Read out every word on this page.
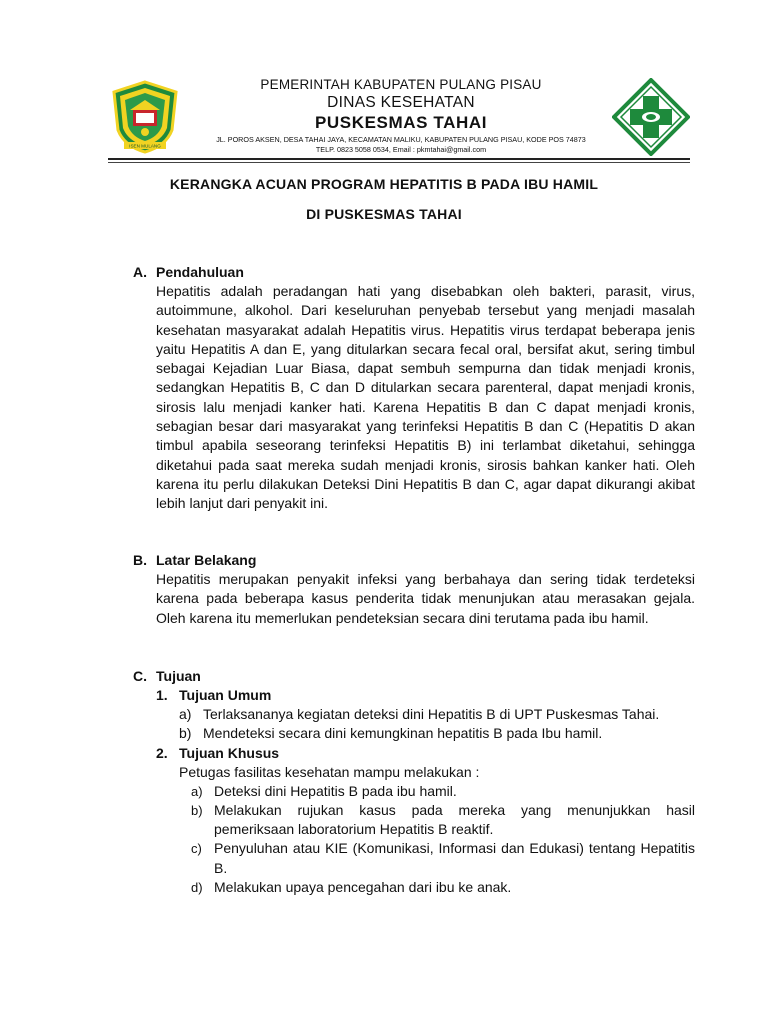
ISEN MULANG
PEMERINTAH KABUPATEN PULANG PISAU
DINAS KESEHATAN
PUSKESMAS TAHAI
JL. POROS AKSEN, DESA TAHAI JAYA, KECAMATAN MALIKU, KABUPATEN PULANG PISAU, KODE POS 74873
TELP. 0823 5058 0534, Email : pkmtahai@gmail.com
KERANGKA ACUAN PROGRAM HEPATITIS B PADA IBU HAMIL
DI PUSKESMAS TAHAI
A. Pendahuluan
Hepatitis adalah peradangan hati yang disebabkan oleh bakteri, parasit, virus, autoimmune, alkohol. Dari keseluruhan penyebab tersebut yang menjadi masalah kesehatan masyarakat adalah Hepatitis virus. Hepatitis virus terdapat beberapa jenis yaitu Hepatitis A dan E, yang ditularkan secara fecal oral, bersifat akut, sering timbul sebagai Kejadian Luar Biasa, dapat sembuh sempurna dan tidak menjadi kronis, sedangkan Hepatitis B, C dan D ditularkan secara parenteral, dapat menjadi kronis, sirosis lalu menjadi kanker hati. Karena Hepatitis B dan C dapat menjadi kronis, sebagian besar dari masyarakat yang terinfeksi Hepatitis B dan C (Hepatitis D akan timbul apabila seseorang terinfeksi Hepatitis B) ini terlambat diketahui, sehingga diketahui pada saat mereka sudah menjadi kronis, sirosis bahkan kanker hati. Oleh karena itu perlu dilakukan Deteksi Dini Hepatitis B dan C, agar dapat dikurangi akibat lebih lanjut dari penyakit ini.
B. Latar Belakang
Hepatitis merupakan penyakit infeksi yang berbahaya dan sering tidak terdeteksi karena pada beberapa kasus penderita tidak menunjukan atau merasakan gejala. Oleh karena itu memerlukan pendeteksian secara dini terutama pada ibu hamil.
C. Tujuan
1. Tujuan Umum
a) Terlaksananya kegiatan deteksi dini Hepatitis B di UPT Puskesmas Tahai.
b) Mendeteksi secara dini kemungkinan hepatitis B pada Ibu hamil.
2. Tujuan Khusus
Petugas fasilitas kesehatan mampu melakukan :
a) Deteksi dini Hepatitis B pada ibu hamil.
b) Melakukan rujukan kasus pada mereka yang menunjukkan hasil pemeriksaan laboratorium Hepatitis B reaktif.
c) Penyuluhan atau KIE (Komunikasi, Informasi dan Edukasi) tentang Hepatitis B.
d) Melakukan upaya pencegahan dari ibu ke anak.
